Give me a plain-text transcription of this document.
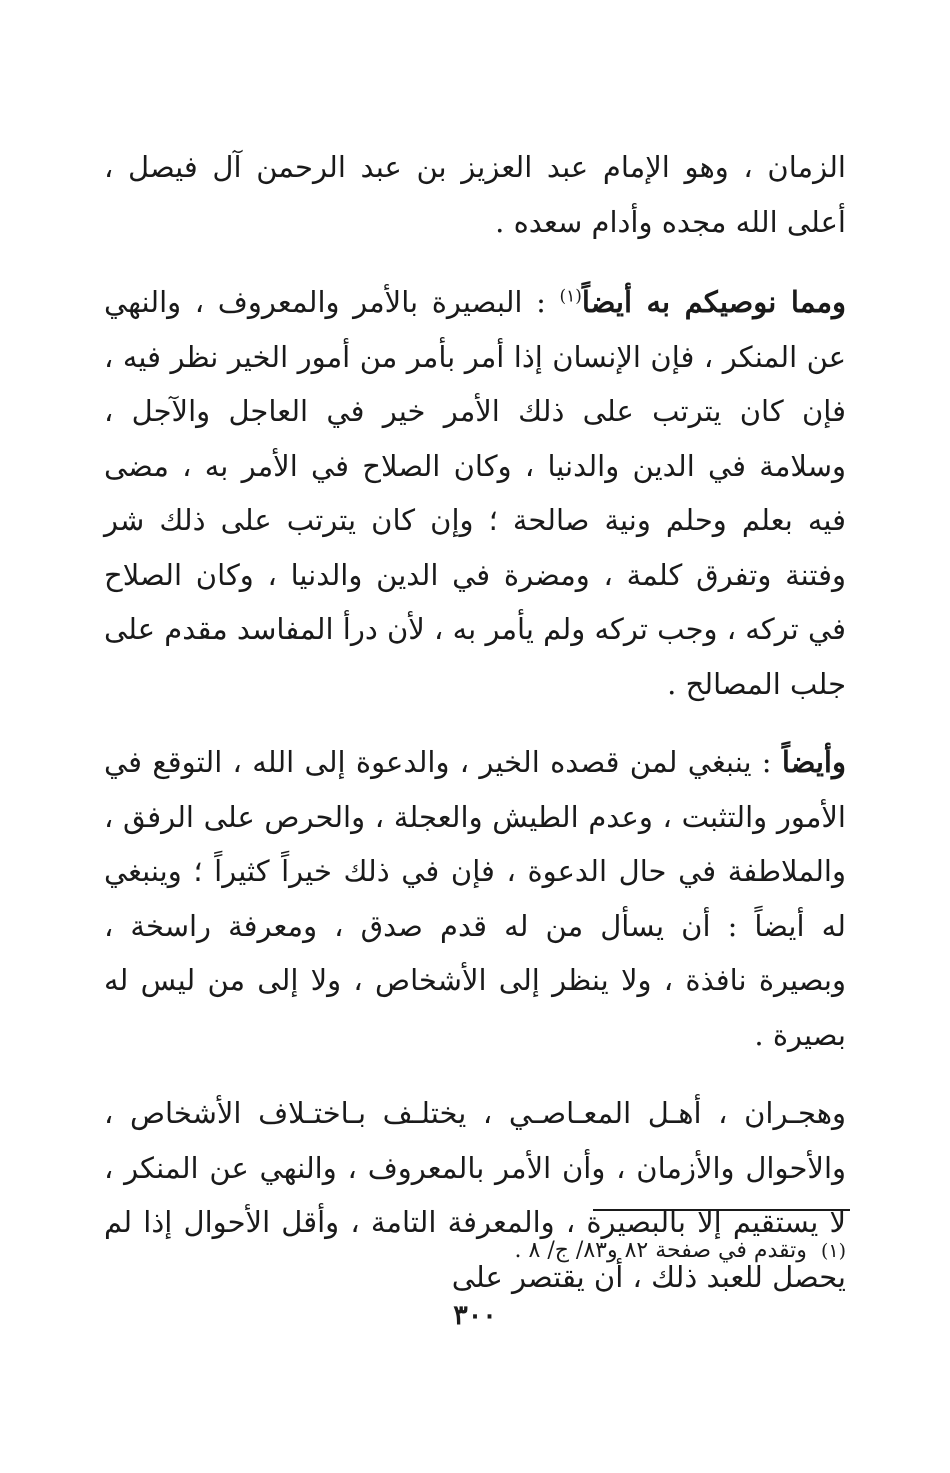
الزمان ، وهو الإمام عبد العزيز بن عبد الرحمن آل فيصل ، أعلى الله مجده وأدام سعده .

ومما نوصيكم به أيضاً$^{(١)}$ : البصيرة بالأمر والمعروف ، والنهي عن المنكر ، فإن الإنسان إذا أمر بأمر من أمور الخير نظر فيه ، فإن كان يترتب على ذلك الأمر خير في العاجل والآجل ، وسلامة في الدين والدنيا ، وكان الصلاح في الأمر به ، مضى فيه بعلم وحلم ونية صالحة ؛ وإن كان يترتب على ذلك شر وفتنة وتفرق كلمة ، ومضرة في الدين والدنيا ، وكان الصلاح في تركه ، وجب تركه ولم يأمر به ، لأن درأ المفاسد مقدم على جلب المصالح .

وأيضاً : ينبغي لمن قصده الخير ، والدعوة إلى الله ، التوقع في الأمور والتثبت ، وعدم الطيش والعجلة ، والحرص على الرفق ، والملاطفة في حال الدعوة ، فإن في ذلك خيراً كثيراً ؛ وينبغي له أيضاً : أن يسأل من له قدم صدق ، ومعرفة راسخة ، وبصيرة نافذة ، ولا ينظر إلى الأشخاص ، ولا إلى من ليس له بصيرة .

وهجـران ، أهـل المعـاصـي ، يختلـف بـاختـلاف الأشخاص ، والأحوال والأزمان ، وأن الأمر بالمعروف ، والنهي عن المنكر ، لا يستقيم إلا بالبصيرة ، والمعرفة التامة ، وأقل الأحوال إذا لم يحصل للعبد ذلك ، أن يقتصر على

(١)وتقدم في صفحة ٨٢ و٨٣/ ج/ ٨ .
٣٠٠
